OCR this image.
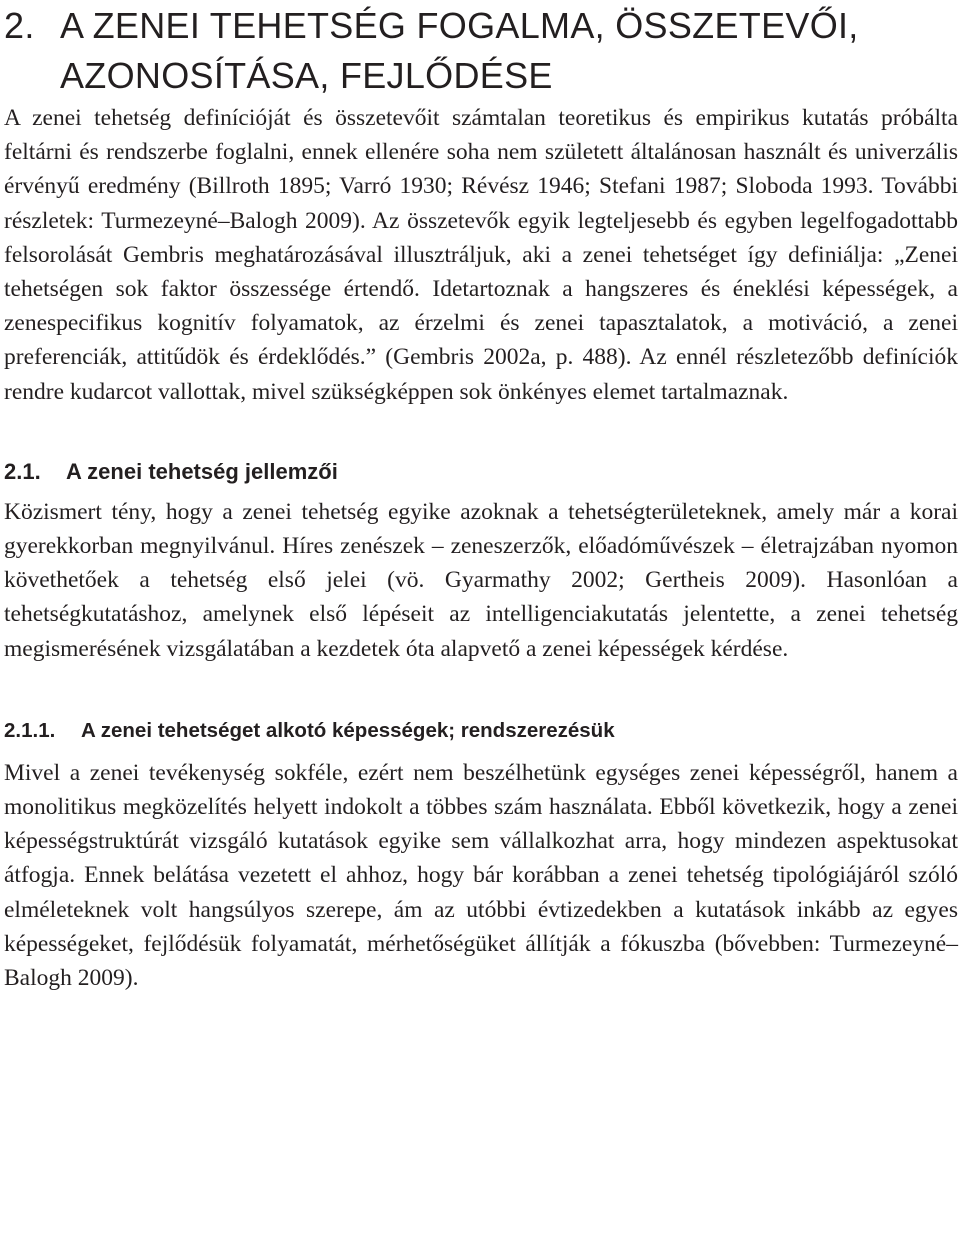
2. A ZENEI TEHETSÉG FOGALMA, ÖSSZETEVŐI,
AZONOSÍTÁSA, FEJLŐDÉSE

A zenei tehetség definícióját és összetevőit számtalan teoretikus és empirikus kutatás próbálta feltárni és rendszerbe foglalni, ennek ellenére soha nem született általánosan használt és univerzális érvényű eredmény (Billroth 1895; Varró 1930; Révész 1946; Stefani 1987; Sloboda 1993. További részletek: Turmezeyné–Balogh 2009). Az összetevők egyik legteljesebb és egyben legelfogadottabb felsorolását Gembris meghatározásával illusztráljuk, aki a zenei tehetséget így definiálja: „Zenei tehetségen sok faktor összessége értendő. Idetartoznak a hangszeres és éneklési képességek, a zenespecifikus kognitív folyamatok, az érzelmi és zenei tapasztalatok, a motiváció, a zenei preferenciák, attitűdök és érdeklődés.” (Gembris 2002a, p. 488). Az ennél részletezőbb definíciók rendre kudarcot vallottak, mivel szükségképpen sok önkényes elemet tartalmaznak.

2.1. A zenei tehetség jellemzői

Közismert tény, hogy a zenei tehetség egyike azoknak a tehetségterületeknek, amely már a korai gyerekkorban megnyilvánul. Híres zenészek – zeneszerzők, előadóművészek – életrajzában nyomon követhetőek a tehetség első jelei (vö. Gyarmathy 2002; Gertheis 2009). Hasonlóan a tehetségkutatáshoz, amelynek első lépéseit az intelligenciakutatás jelentette, a zenei tehetség megismerésének vizsgálatában a kezdetek óta alapvető a zenei képességek kérdése.

2.1.1. A zenei tehetséget alkotó képességek; rendszerezésük

Mivel a zenei tevékenység sokféle, ezért nem beszélhetünk egységes zenei képességről, hanem a monolitikus megközelítés helyett indokolt a többes szám használata. Ebből következik, hogy a zenei képességstruktúrát vizsgáló kutatások egyike sem vállalkozhat arra, hogy mindezen aspektusokat átfogja. Ennek belátása vezetett el ahhoz, hogy bár korábban a zenei tehetség tipológiájáról szóló elméleteknek volt hangsúlyos szerepe, ám az utóbbi évtizedekben a kutatások inkább az egyes képességeket, fejlődésük folyamatát, mérhetőségüket állítják a fókuszba (bővebben: Turmezeyné–Balogh 2009).
